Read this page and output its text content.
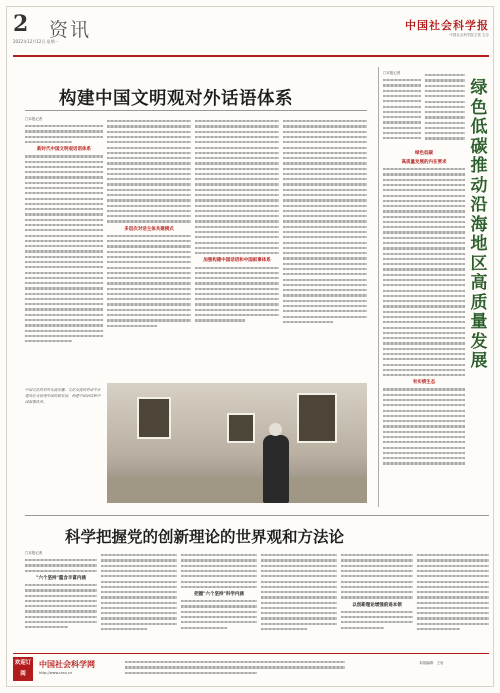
2 资讯
2022年12月12日 星期一
中国社会科学报
中国社会科学院主管 主办
构建中国文明观对外话语体系
□本报记者
新时代中国文明观话语体系
多层次对话主体共建模式
加强构建中国话语和中国叙事体系
中国文化的对外交流传播，文化交流的对话平台建设应当体现中国的新发展，构建中国话语和中国叙事体系。
□本报记者
绿色低碳推动沿海地区高质量发展
绿色低碳
高质量发展的内在要求
有实绩生态
科学把握党的创新理论的世界观和方法论
□本报记者
"六个坚持"蕴含丰富内涵
把握"六个坚持"科学内涵
以创新理论增强前进本领
欢迎订阅
中国社会科学网
http://www.cssn.cn
本版编辑：王岩
